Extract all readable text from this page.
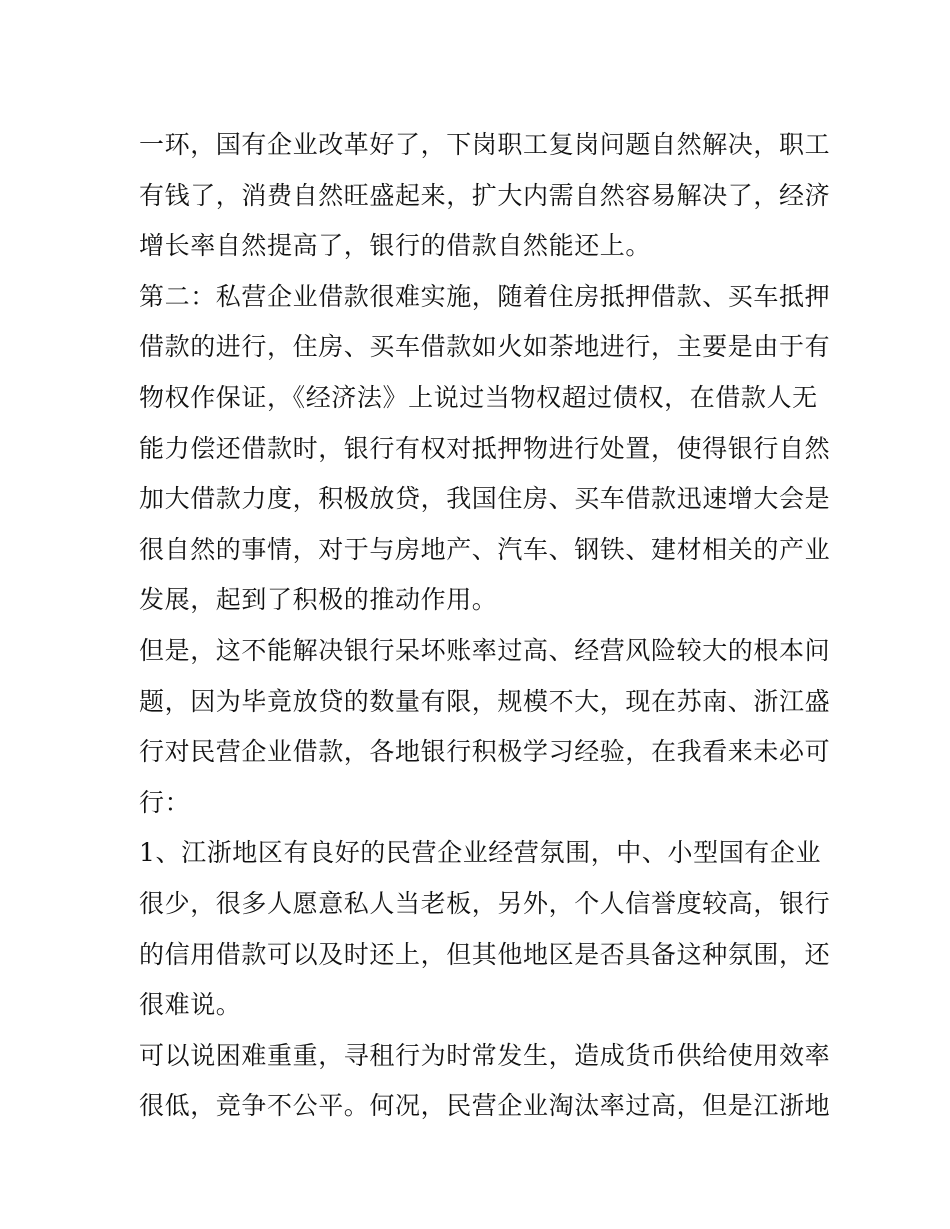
一环，国有企业改革好了，下岗职工复岗问题自然解决，职工
有钱了，消费自然旺盛起来，扩大内需自然容易解决了，经济
增长率自然提高了，银行的借款自然能还上。
第二：私营企业借款很难实施，随着住房抵押借款、买车抵押
借款的进行，住房、买车借款如火如荼地进行，主要是由于有
物权作保证，《经济法》上说过当物权超过债权，在借款人无
能力偿还借款时，银行有权对抵押物进行处置，使得银行自然
加大借款力度，积极放贷，我国住房、买车借款迅速增大会是
很自然的事情，对于与房地产、汽车、钢铁、建材相关的产业
发展，起到了积极的推动作用。
但是，这不能解决银行呆坏账率过高、经营风险较大的根本问
题，因为毕竟放贷的数量有限，规模不大，现在苏南、浙江盛
行对民营企业借款，各地银行积极学习经验，在我看来未必可
行：
1、江浙地区有良好的民营企业经营氛围，中、小型国有企业
很少，很多人愿意私人当老板，另外，个人信誉度较高，银行
的信用借款可以及时还上，但其他地区是否具备这种氛围，还
很难说。
可以说困难重重，寻租行为时常发生，造成货币供给使用效率
很低，竞争不公平。何况，民营企业淘汰率过高，但是江浙地
